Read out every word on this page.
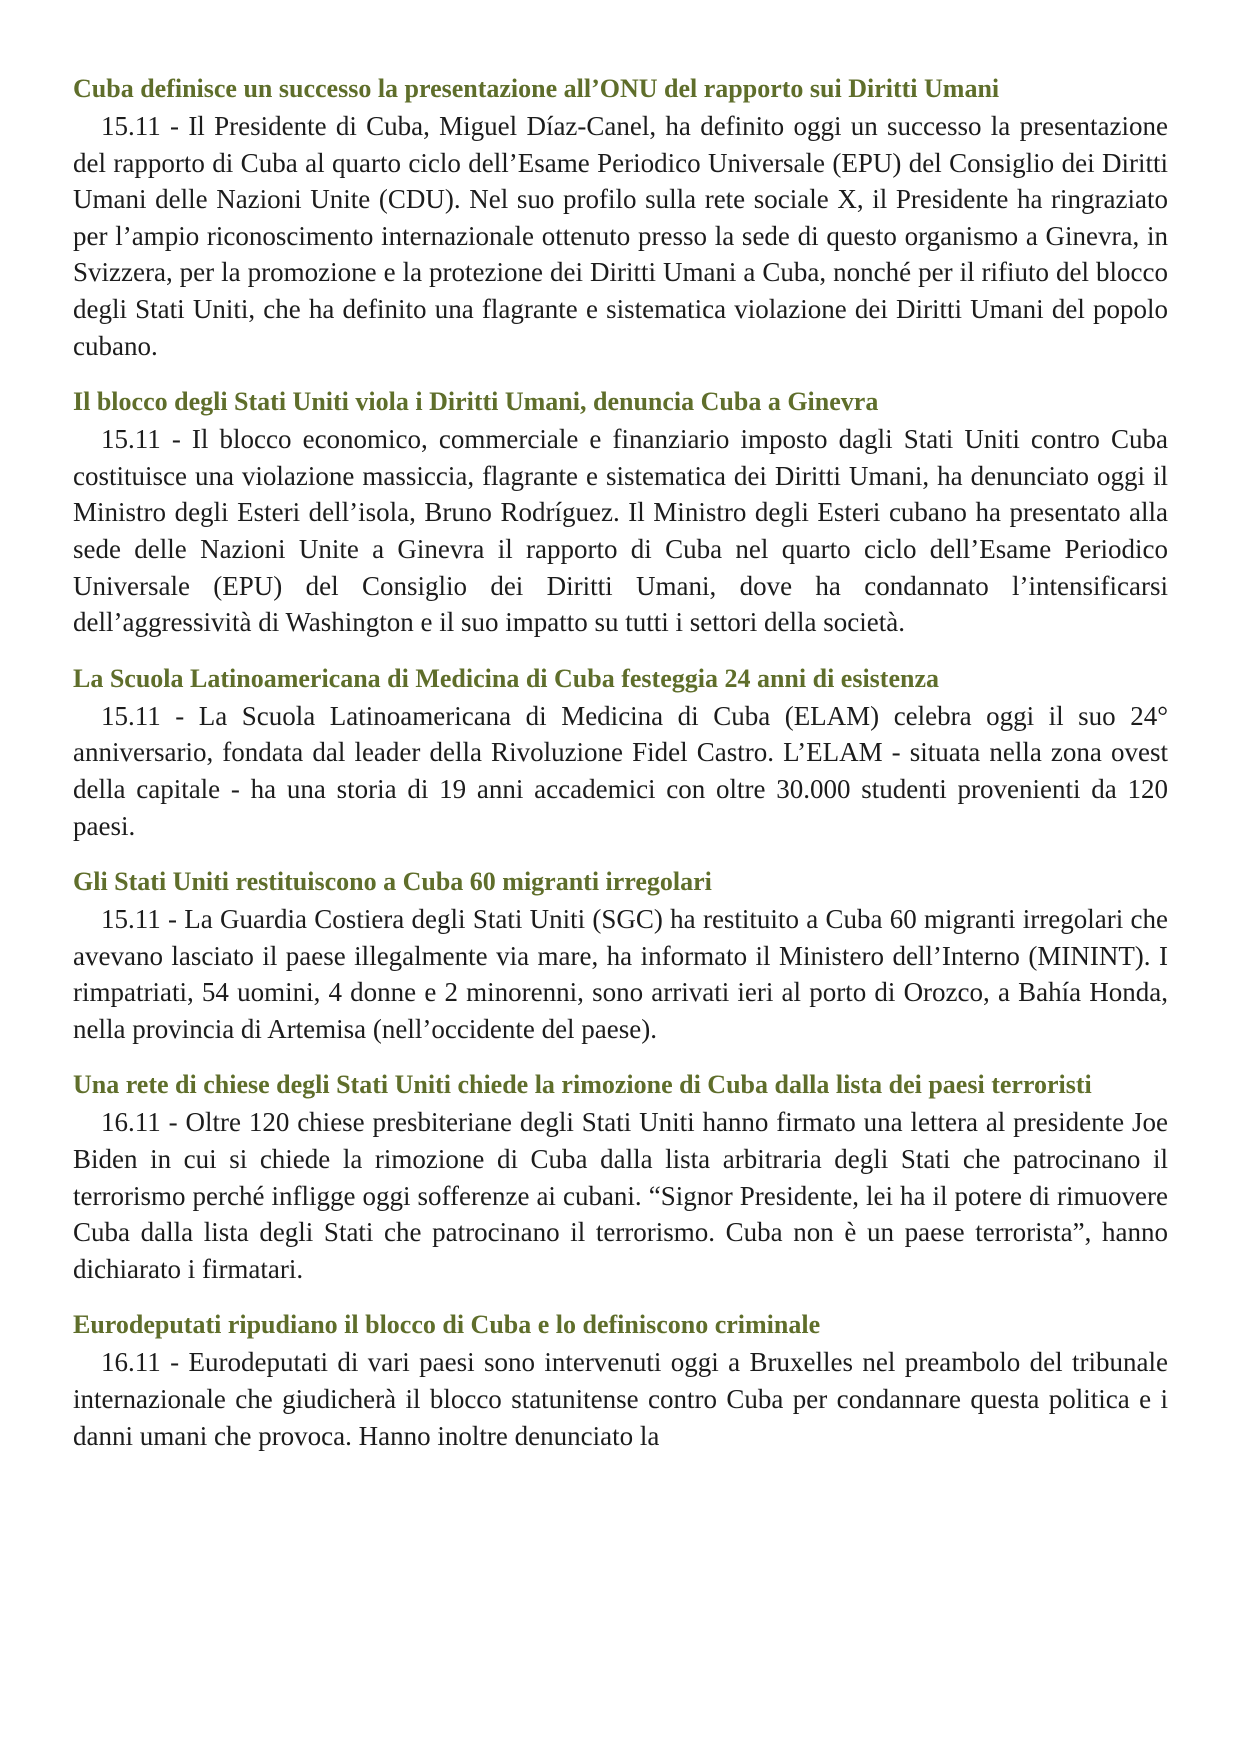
Cuba definisce un successo la presentazione all’ONU del rapporto sui Diritti Umani

15.11 - Il Presidente di Cuba, Miguel Díaz-Canel, ha definito oggi un successo la presentazione del rapporto di Cuba al quarto ciclo dell’Esame Periodico Universale (EPU) del Consiglio dei Diritti Umani delle Nazioni Unite (CDU). Nel suo profilo sulla rete sociale X, il Presidente ha ringraziato per l’ampio riconoscimento internazionale ottenuto presso la sede di questo organismo a Ginevra, in Svizzera, per la promozione e la protezione dei Diritti Umani a Cuba, nonché per il rifiuto del blocco degli Stati Uniti, che ha definito una flagrante e sistematica violazione dei Diritti Umani del popolo cubano.

Il blocco degli Stati Uniti viola i Diritti Umani, denuncia Cuba a Ginevra

15.11 - Il blocco economico, commerciale e finanziario imposto dagli Stati Uniti contro Cuba costituisce una violazione massiccia, flagrante e sistematica dei Diritti Umani, ha denunciato oggi il Ministro degli Esteri dell’isola, Bruno Rodríguez. Il Ministro degli Esteri cubano ha presentato alla sede delle Nazioni Unite a Ginevra il rapporto di Cuba nel quarto ciclo dell’Esame Periodico Universale (EPU) del Consiglio dei Diritti Umani, dove ha condannato l’intensificarsi dell’aggressività di Washington e il suo impatto su tutti i settori della società.

La Scuola Latinoamericana di Medicina di Cuba festeggia 24 anni di esistenza

15.11 - La Scuola Latinoamericana di Medicina di Cuba (ELAM) celebra oggi il suo 24° anniversario, fondata dal leader della Rivoluzione Fidel Castro. L’ELAM - situata nella zona ovest della capitale - ha una storia di 19 anni accademici con oltre 30.000 studenti provenienti da 120 paesi.

Gli Stati Uniti restituiscono a Cuba 60 migranti irregolari

15.11 - La Guardia Costiera degli Stati Uniti (SGC) ha restituito a Cuba 60 migranti irregolari che avevano lasciato il paese illegalmente via mare, ha informato il Ministero dell’Interno (MININT). I rimpatriati, 54 uomini, 4 donne e 2 minorenni, sono arrivati ieri al porto di Orozco, a Bahía Honda, nella provincia di Artemisa (nell’occidente del paese).

Una rete di chiese degli Stati Uniti chiede la rimozione di Cuba dalla lista dei paesi terroristi

16.11 - Oltre 120 chiese presbiteriane degli Stati Uniti hanno firmato una lettera al presidente Joe Biden in cui si chiede la rimozione di Cuba dalla lista arbitraria degli Stati che patrocinano il terrorismo perché infligge oggi sofferenze ai cubani. “Signor Presidente, lei ha il potere di rimuovere Cuba dalla lista degli Stati che patrocinano il terrorismo. Cuba non è un paese terrorista”, hanno dichiarato i firmatari.

Eurodeputati ripudiano il blocco di Cuba e lo definiscono criminale

16.11 - Eurodeputati di vari paesi sono intervenuti oggi a Bruxelles nel preambolo del tribunale internazionale che giudicherà il blocco statunitense contro Cuba per condannare questa politica e i danni umani che provoca. Hanno inoltre denunciato la
